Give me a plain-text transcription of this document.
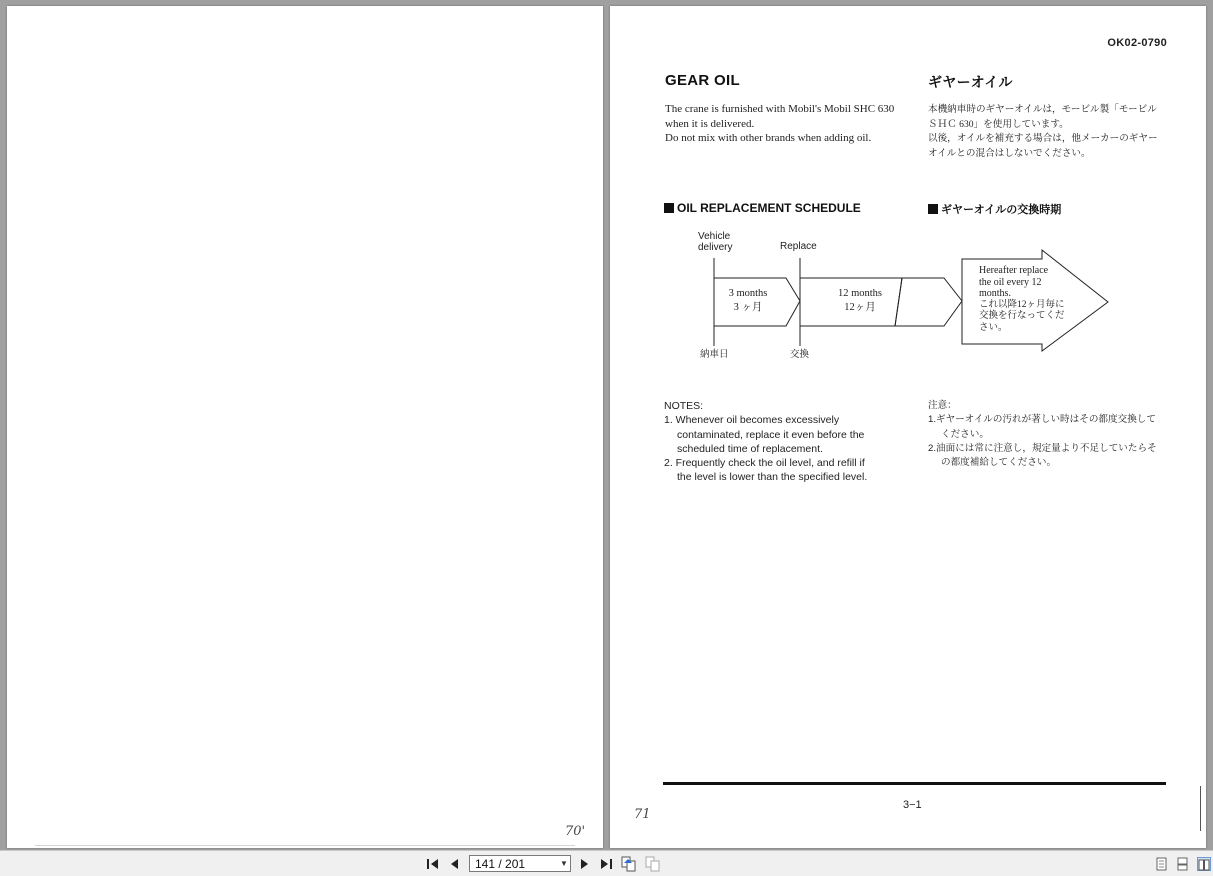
70'
OK02-0790
GEAR OIL	ギヤーオイル
The crane is furnished with Mobil's Mobil SHC 630
when it is delivered.
Do not mix with other brands when adding oil.
本機納車時のギヤーオイルは，モービル製「モービル
ＳＨＣ 630」を使用しています。
以後，オイルを補充する場合は，他メーカーのギヤー
オイルとの混合はしないでください。
OIL REPLACEMENT SCHEDULE	ギヤーオイルの交換時期
Vehicle
delivery	Replace
納車日	交換
3 months
3 ヶ月
12 months
12ヶ月
Hereafter replace
the oil every 12
months.
これ以降12ヶ月毎に
交換を行なってくだ
さい。
NOTES:
1. Whenever oil becomes excessively
contaminated, replace it even before the
scheduled time of replacement.
2. Frequently check the oil level, and refill if
the level is lower than the specified level.
注意：
1.ギヤーオイルの汚れが著しい時はその都度交換して
ください。
2.油面には常に注意し，規定量より不足していたらそ
の都度補給してください。
3−1
71
141 / 201	▼
